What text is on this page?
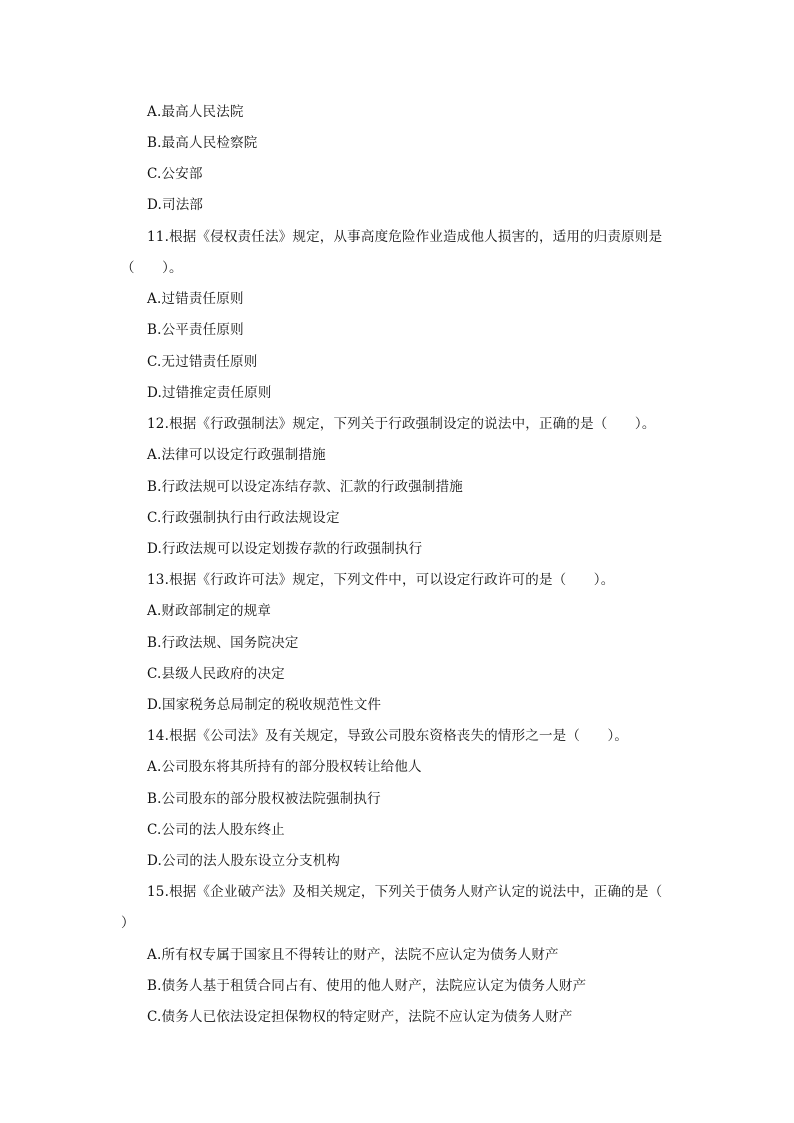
A.最高人民法院
B.最高人民检察院
C.公安部
D.司法部
11.根据《侵权责任法》规定，从事高度危险作业造成他人损害的，适用的归责原则是
（　　）。
A.过错责任原则
B.公平责任原则
C.无过错责任原则
D.过错推定责任原则
12.根据《行政强制法》规定，下列关于行政强制设定的说法中，正确的是（　　）。
A.法律可以设定行政强制措施
B.行政法规可以设定冻结存款、汇款的行政强制措施
C.行政强制执行由行政法规设定
D.行政法规可以设定划拨存款的行政强制执行
13.根据《行政许可法》规定，下列文件中，可以设定行政许可的是（　　）。
A.财政部制定的规章
B.行政法规、国务院决定
C.县级人民政府的决定
D.国家税务总局制定的税收规范性文件
14.根据《公司法》及有关规定，导致公司股东资格丧失的情形之一是（　　）。
A.公司股东将其所持有的部分股权转让给他人
B.公司股东的部分股权被法院强制执行
C.公司的法人股东终止
D.公司的法人股东设立分支机构
15.根据《企业破产法》及相关规定，下列关于债务人财产认定的说法中，正确的是（
）
A.所有权专属于国家且不得转让的财产，法院不应认定为债务人财产
B.债务人基于租赁合同占有、使用的他人财产，法院应认定为债务人财产
C.债务人已依法设定担保物权的特定财产，法院不应认定为债务人财产
